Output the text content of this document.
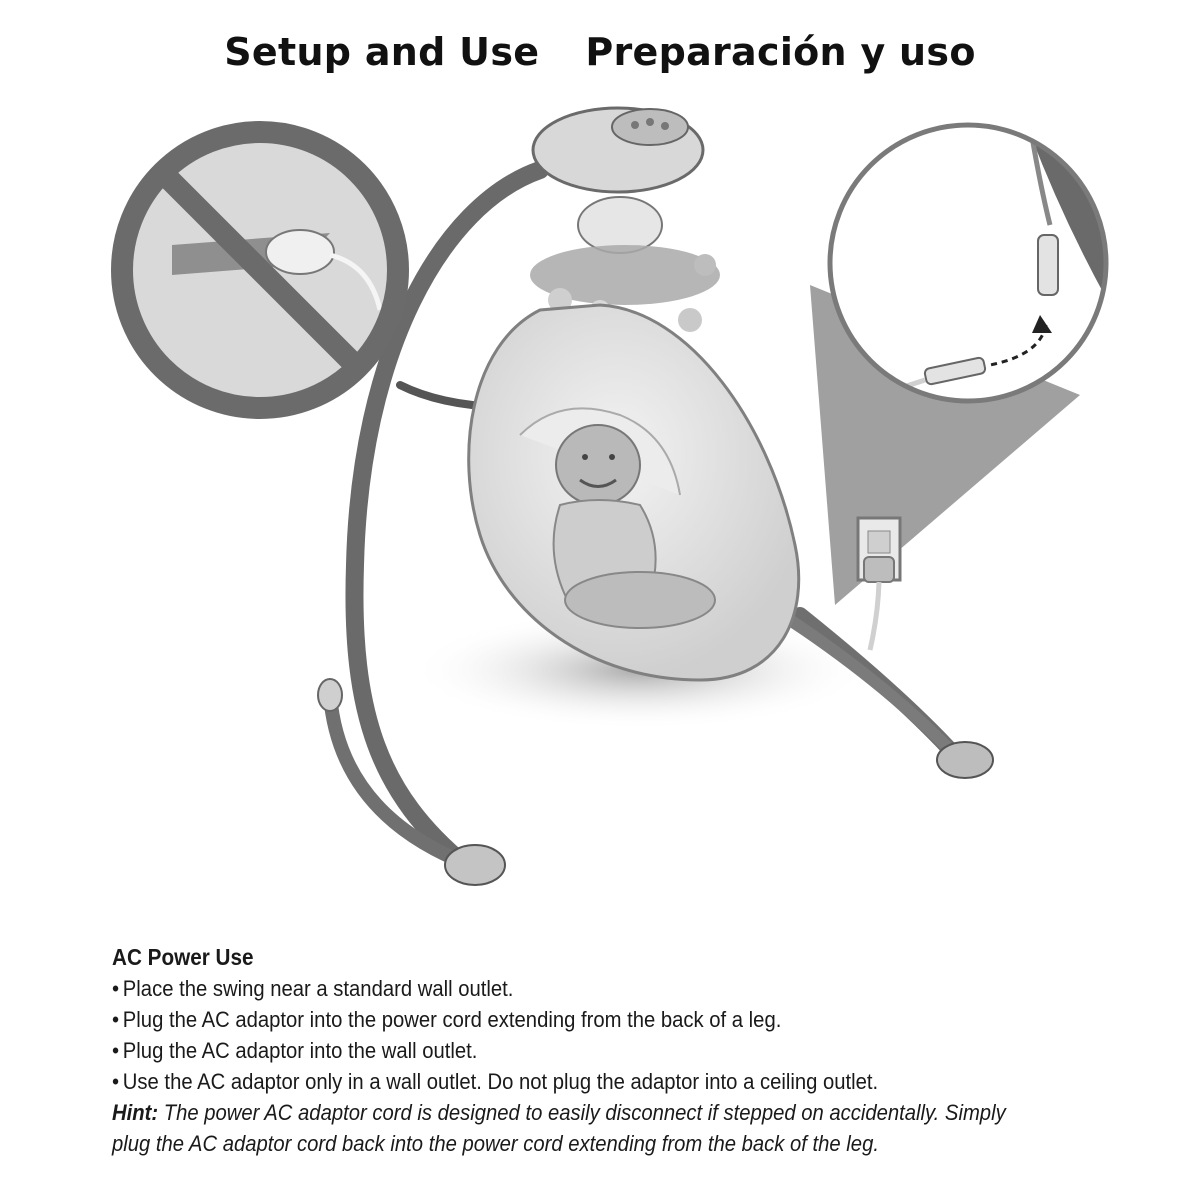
Setup and Use Preparación y uso
AC Power Use
• Place the swing near a standard wall outlet.
• Plug the AC adaptor into the power cord extending from the back of a leg.
• Plug the AC adaptor into the wall outlet.
• Use the AC adaptor only in a wall outlet. Do not plug the adaptor into a ceiling outlet.
Hint: The power AC adaptor cord is designed to easily disconnect if stepped on accidentally. Simply plug the AC adaptor cord back into the power cord extending from the back of the leg.
